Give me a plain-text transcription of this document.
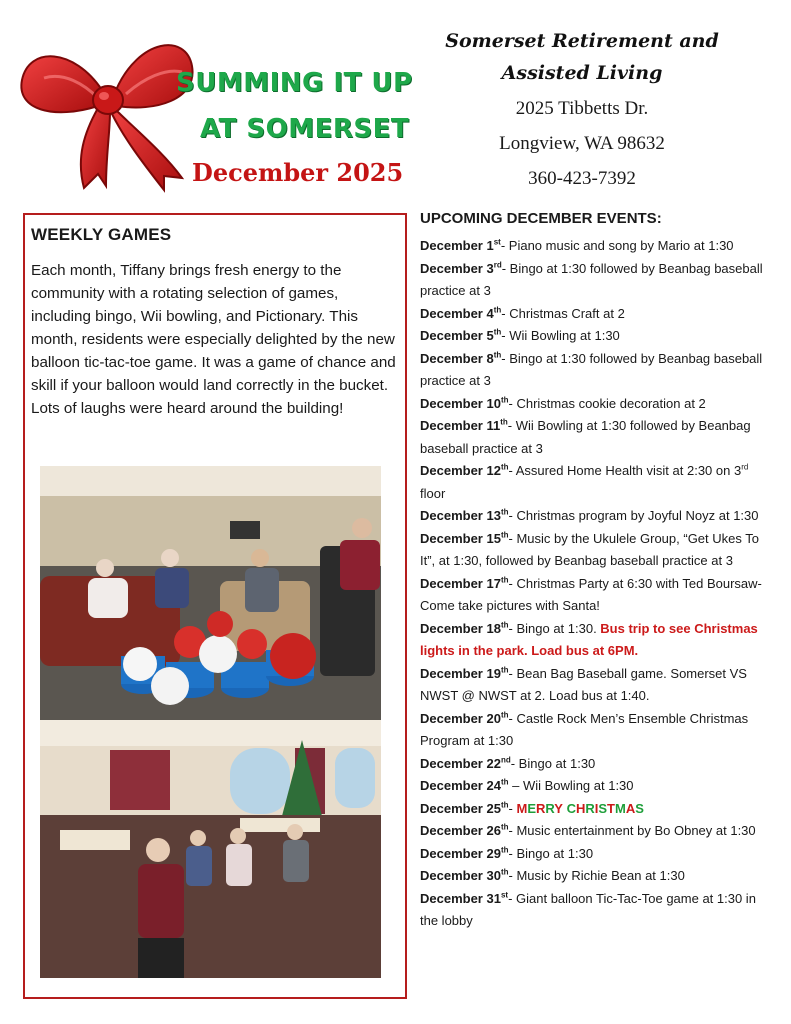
SUMMING IT UP
AT SOMERSET
December 2025
Somerset Retirement and
Assisted Living
2025 Tibbetts Dr.
Longview, WA 98632
360-423-7392
WEEKLY GAMES

Each month, Tiffany brings fresh energy to the community with a rotating selection of games, including bingo, Wii bowling, and Pictionary. This month, residents were especially delighted by the new balloon tic-tac-toe game. It was a game of chance and skill if your balloon would land correctly in the bucket. Lots of laughs were heard around the building!

UPCOMING DECEMBER EVENTS:
December 1st- Piano music and song by Mario at 1:30
December 3rd- Bingo at 1:30 followed by Beanbag baseball practice at 3
December 4th- Christmas Craft at 2
December 5th- Wii Bowling at 1:30
December 8th- Bingo at 1:30 followed by Beanbag baseball practice at 3
December 10th- Christmas cookie decoration at 2
December 11th- Wii Bowling at 1:30 followed by Beanbag baseball practice at 3
December 12th- Assured Home Health visit at 2:30 on 3rd floor
December 13th- Christmas program by Joyful Noyz at 1:30
December 15th- Music by the Ukulele Group, “Get Ukes To It”, at 1:30, followed by Beanbag baseball practice at 3
December 17th- Christmas Party at 6:30 with Ted Boursaw- Come take pictures with Santa!
December 18th- Bingo at 1:30. Bus trip to see Christmas lights in the park. Load bus at 6PM.
December 19th- Bean Bag Baseball game. Somerset VS NWST @ NWST at 2. Load bus at 1:40.
December 20th- Castle Rock Men’s Ensemble Christmas Program at 1:30
December 22nd- Bingo at 1:30
December 24th – Wii Bowling at 1:30
December 25th- MERRY CHRISTMAS
December 26th- Music entertainment by Bo Obney at 1:30
December 29th- Bingo at 1:30
December 30th- Music by Richie Bean at 1:30
December 31st- Giant balloon Tic-Tac-Toe game at 1:30 in the lobby
